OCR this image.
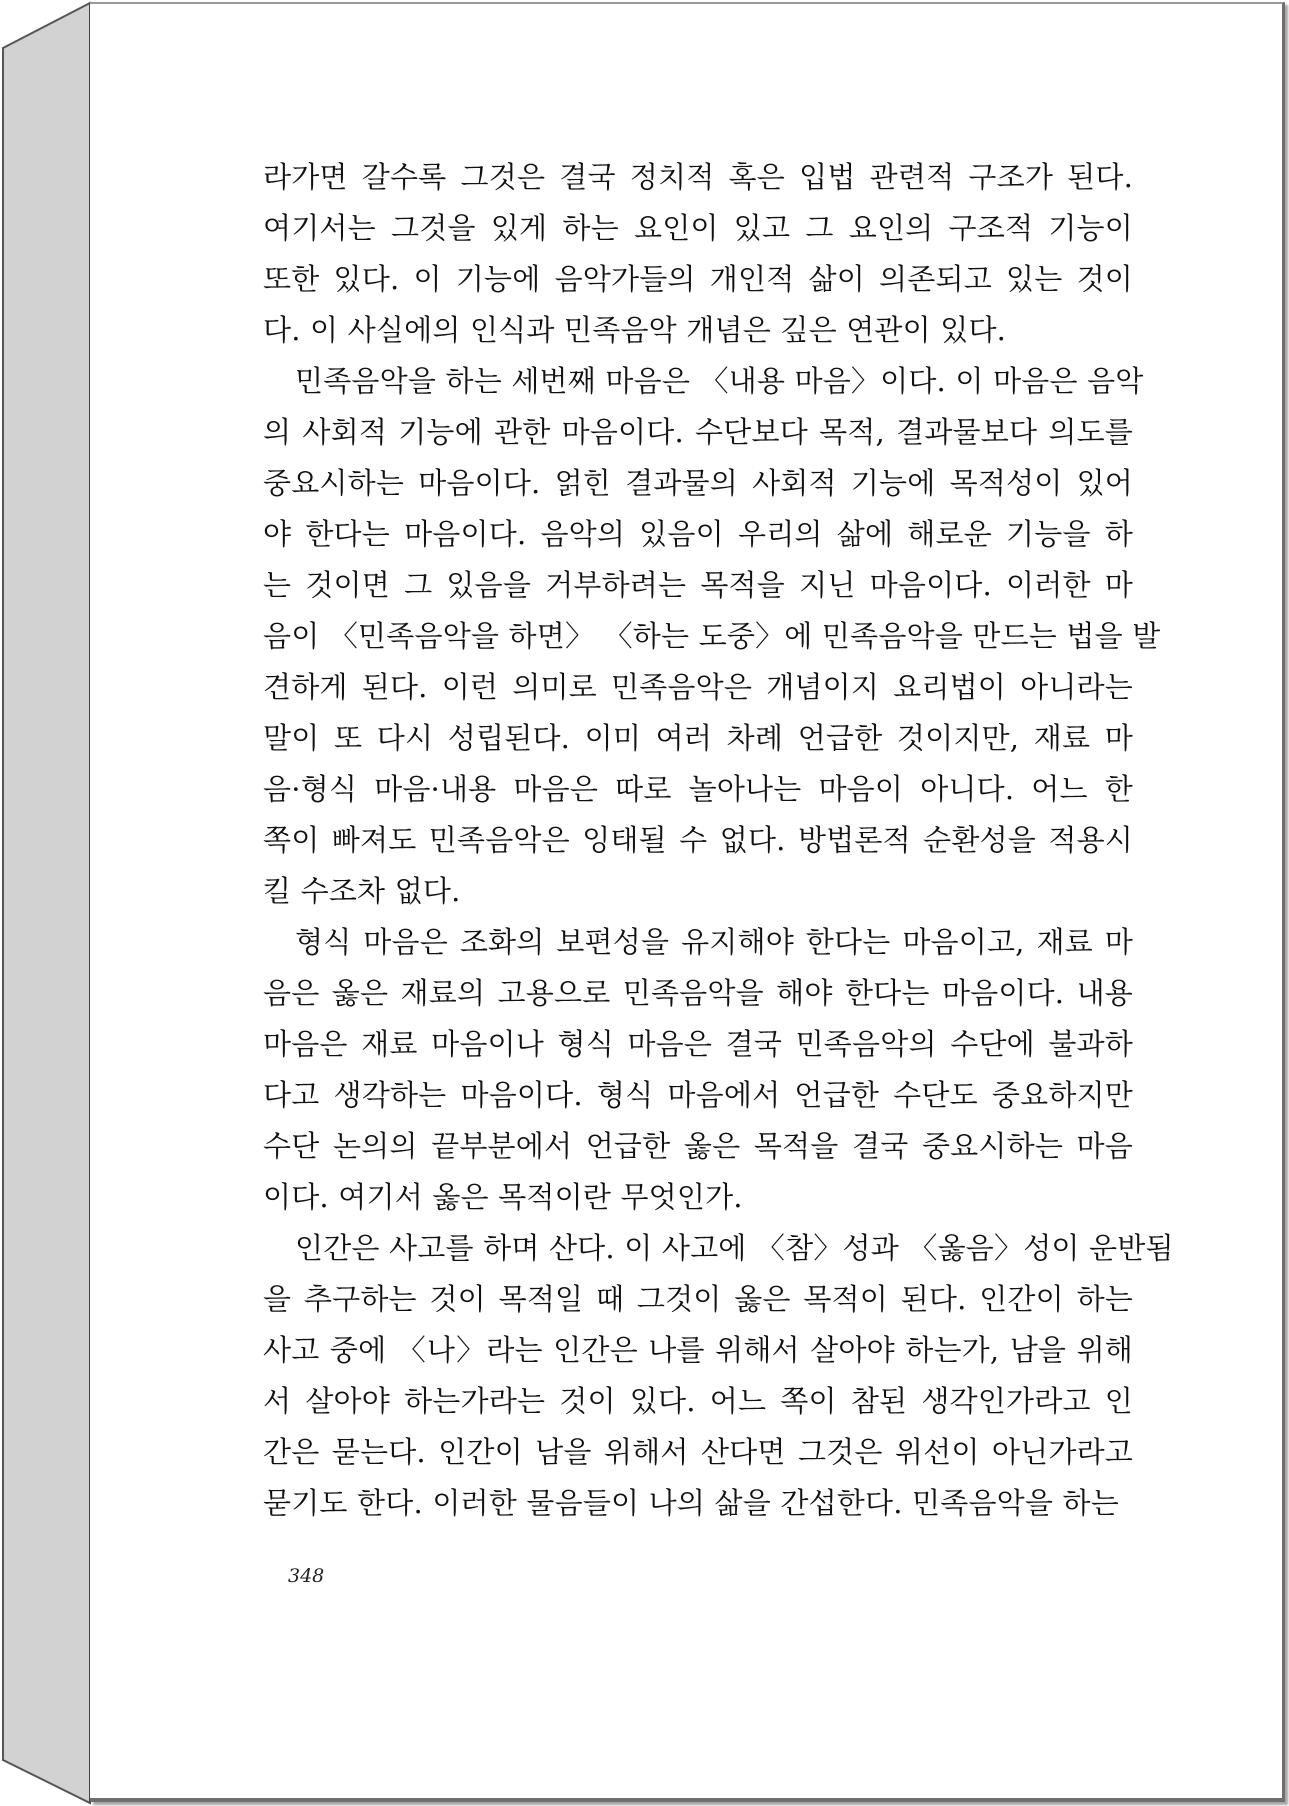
라가면 갈수록 그것은 결국 정치적 혹은 입법 관련적 구조가 된다.
여기서는 그것을 있게 하는 요인이 있고 그 요인의 구조적 기능이
또한 있다. 이 기능에 음악가들의 개인적 삶이 의존되고 있는 것이
다. 이 사실에의 인식과 민족음악 개념은 깊은 연관이 있다.
민족음악을 하는 세번째 마음은 〈내용 마음〉이다. 이 마음은 음악
의 사회적 기능에 관한 마음이다. 수단보다 목적, 결과물보다 의도를
중요시하는 마음이다. 얽힌 결과물의 사회적 기능에 목적성이 있어
야 한다는 마음이다. 음악의 있음이 우리의 삶에 해로운 기능을 하
는 것이면 그 있음을 거부하려는 목적을 지닌 마음이다. 이러한 마
음이 〈민족음악을 하면〉 〈하는 도중〉에 민족음악을 만드는 법을 발
견하게 된다. 이런 의미로 민족음악은 개념이지 요리법이 아니라는
말이 또 다시 성립된다. 이미 여러 차례 언급한 것이지만, 재료 마
음·형식 마음·내용 마음은 따로 놀아나는 마음이 아니다. 어느 한
쪽이 빠져도 민족음악은 잉태될 수 없다. 방법론적 순환성을 적용시
킬 수조차 없다.
형식 마음은 조화의 보편성을 유지해야 한다는 마음이고, 재료 마
음은 옳은 재료의 고용으로 민족음악을 해야 한다는 마음이다. 내용
마음은 재료 마음이나 형식 마음은 결국 민족음악의 수단에 불과하
다고 생각하는 마음이다. 형식 마음에서 언급한 수단도 중요하지만
수단 논의의 끝부분에서 언급한 옳은 목적을 결국 중요시하는 마음
이다. 여기서 옳은 목적이란 무엇인가.
인간은 사고를 하며 산다. 이 사고에 〈참〉성과 〈옳음〉성이 운반됨
을 추구하는 것이 목적일 때 그것이 옳은 목적이 된다. 인간이 하는
사고 중에 〈나〉라는 인간은 나를 위해서 살아야 하는가, 남을 위해
서 살아야 하는가라는 것이 있다. 어느 쪽이 참된 생각인가라고 인
간은 묻는다. 인간이 남을 위해서 산다면 그것은 위선이 아닌가라고
묻기도 한다. 이러한 물음들이 나의 삶을 간섭한다. 민족음악을 하는
348
